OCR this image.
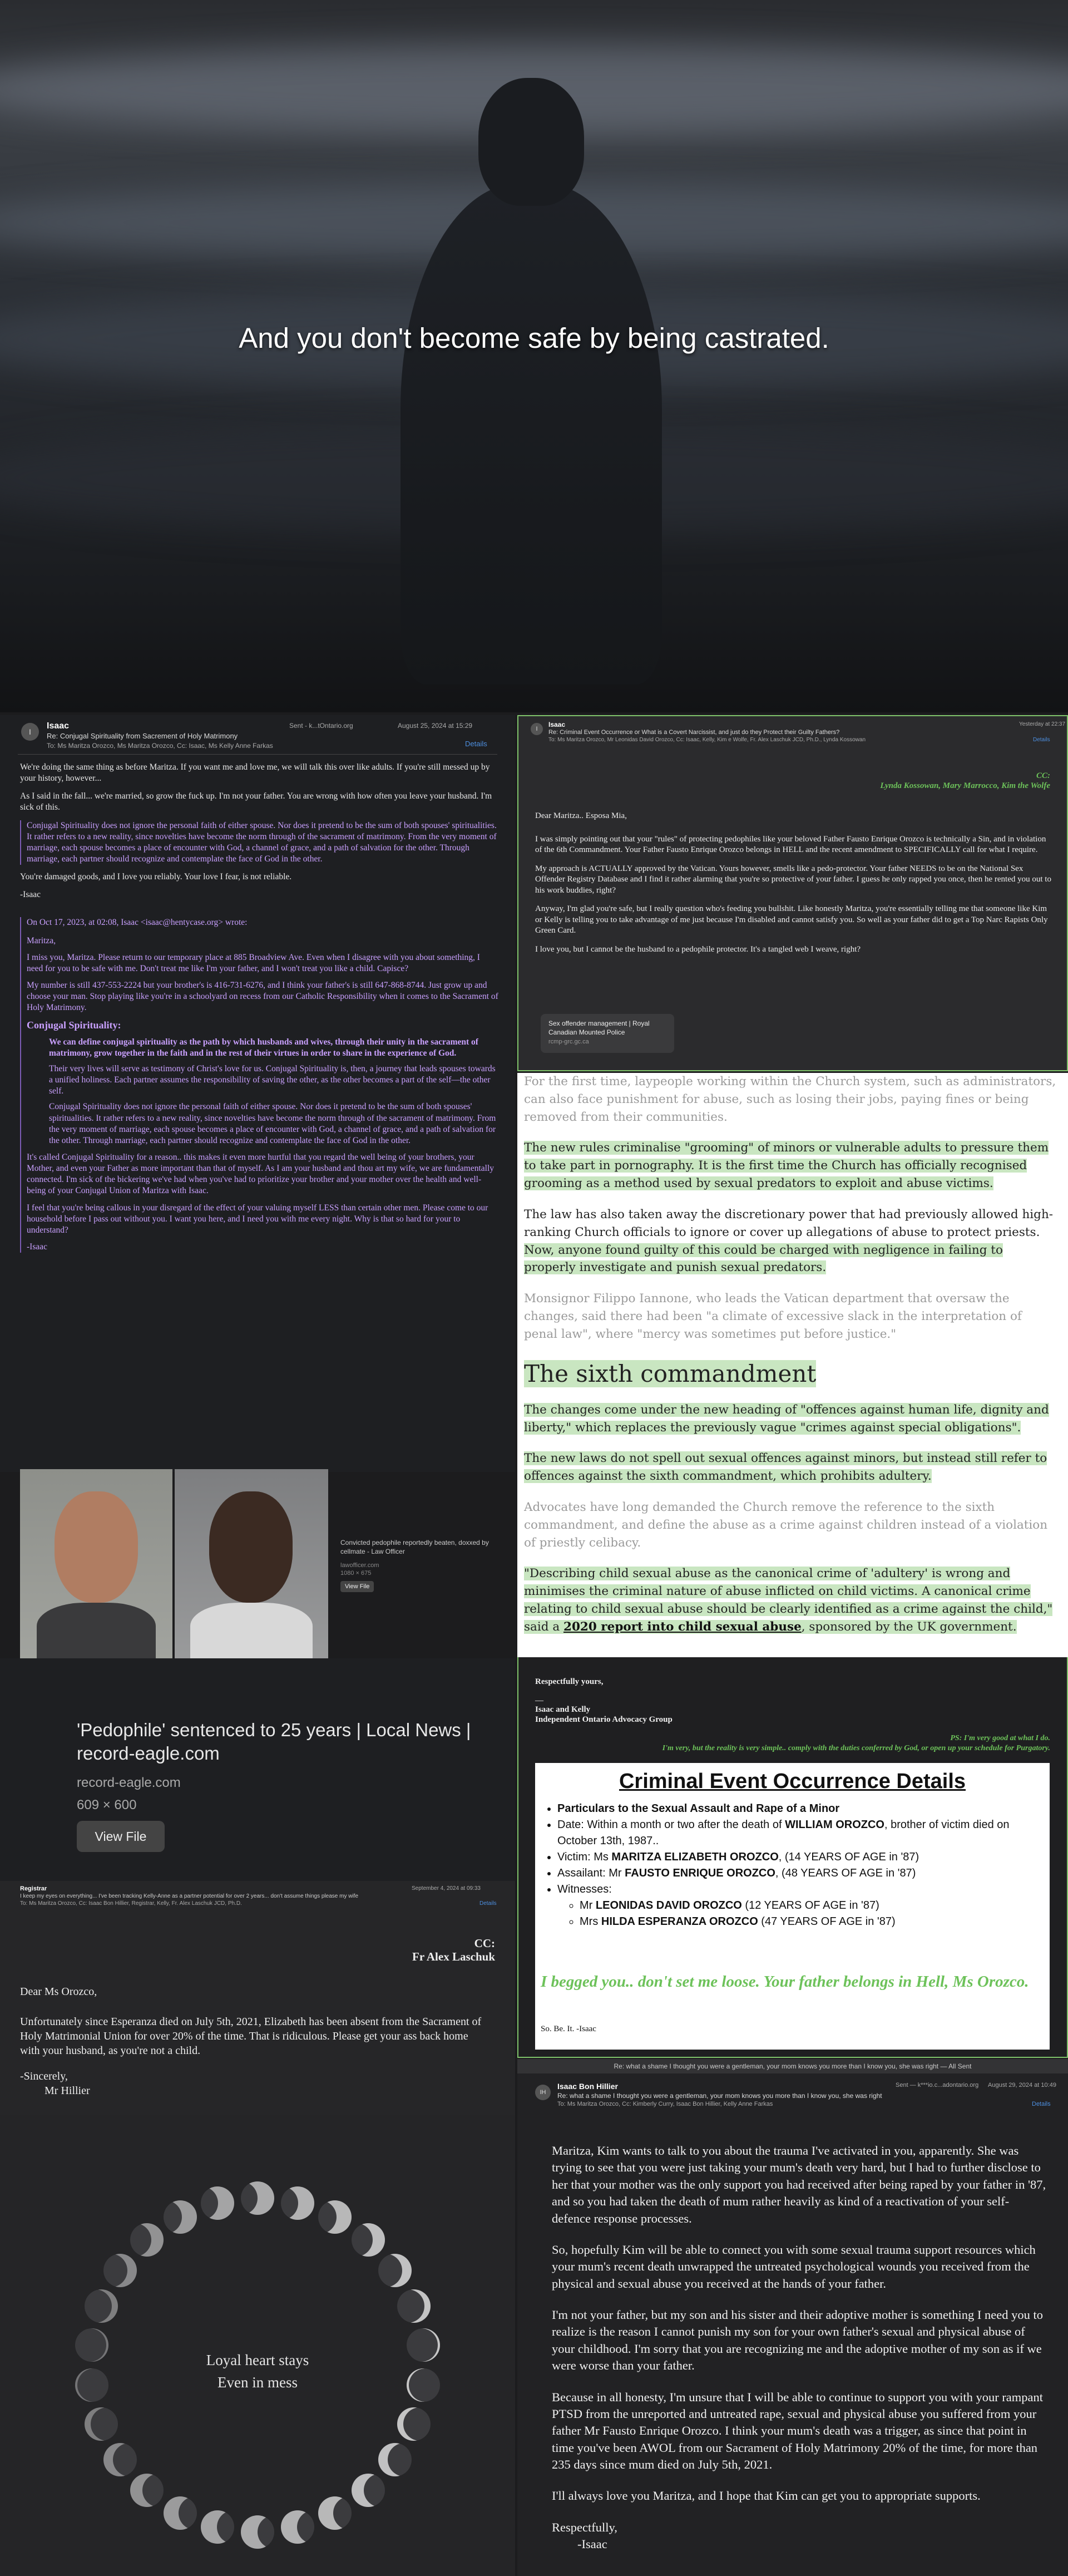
And you don't become safe by being castrated.
I
Isaac
Re: Conjugal Spirituality from Sacrement of Holy Matrimony
To: Ms Maritza Orozco, Ms Maritza Orozco, Cc: Isaac, Ms Kelly Anne Farkas
Sent - k...tOntario.org	August 25, 2024 at 15:29
Details

We're doing the same thing as before Maritza. If you want me and love me, we will talk this over like adults. If you're still messed up by your history, however...

As I said in the fall... we're married, so grow the fuck up. I'm not your father. You are wrong with how often you leave your husband. I'm sick of this.

Conjugal Spirituality does not ignore the personal faith of either spouse. Nor does it pretend to be the sum of both spouses' spiritualities. It rather refers to a new reality, since novelties have become the norm through of the sacrament of matrimony. From the very moment of marriage, each spouse becomes a place of encounter with God, a channel of grace, and a path of salvation for the other. Through marriage, each partner should recognize and contemplate the face of God in the other.

You're damaged goods, and I love you reliably. Your love I fear, is not reliable.

-Isaac

On Oct 17, 2023, at 02:08, Isaac <isaac@hentycase.org> wrote:

Maritza,

I miss you, Maritza. Please return to our temporary place at 885 Broadview Ave. Even when I disagree with you about something, I need for you to be safe with me. Don't treat me like I'm your father, and I won't treat you like a child. Capisce?

My number is still 437-553-2224 but your brother's is 416-731-6276, and I think your father's is still 647-868-8744. Just grow up and choose your man. Stop playing like you're in a schoolyard on recess from our Catholic Responsibility when it comes to the Sacrament of Holy Matrimony.

Conjugal Spirituality:

We can define conjugal spirituality as the path by which husbands and wives, through their unity in the sacrament of matrimony, grow together in the faith and in the rest of their virtues in order to share in the experience of God.

Their very lives will serve as testimony of Christ's love for us. Conjugal Spirituality is, then, a journey that leads spouses towards a unified holiness. Each partner assumes the responsibility of saving the other, as the other becomes a part of the self—the other self.

Conjugal Spirituality does not ignore the personal faith of either spouse. Nor does it pretend to be the sum of both spouses' spiritualities. It rather refers to a new reality, since novelties have become the norm through of the sacrament of matrimony. From the very moment of marriage, each spouse becomes a place of encounter with God, a channel of grace, and a path of salvation for the other. Through marriage, each partner should recognize and contemplate the face of God in the other.

It's called Conjugal Spirituality for a reason.. this makes it even more hurtful that you regard the well being of your brothers, your Mother, and even your Father as more important than that of myself. As I am your husband and thou art my wife, we are fundamentally connected. I'm sick of the bickering we've had when you've had to prioritize your brother and your mother over the health and well-being of your Conjugal Union of Maritza with Isaac.

I feel that you're being callous in your disregard of the effect of your valuing myself LESS than certain other men. Please come to our household before I pass out without you. I want you here, and I need you with me every night. Why is that so hard for your to understand?

-Isaac

Convicted pedophile reportedly beaten, doxxed by cellmate - Law Officer
lawofficer.com
1080 × 675
View File
I
Isaac
Re: Criminal Event Occurrence or What is a Covert Narcissist, and just do they Protect their Guilty Fathers?
To: Ms Maritza Orozco, Mr Leonidas David Orozco, Cc: Isaac, Kelly, Kim e Wolfe, Fr. Alex Laschuk JCD, Ph.D., Lynda Kossowan
Yesterday at 22:37
Details
CC:
Lynda Kossowan, Mary Marrocco, Kim the Wolfe

Dear Maritza.. Esposa Mia,

I was simply pointing out that your "rules" of protecting pedophiles like your beloved Father Fausto Enrique Orozco is technically a Sin, and in violation of the 6th Commandment. Your Father Fausto Enrique Orozco belongs in HELL and the recent amendment to SPECIFICALLY call for what I require.

My approach is ACTUALLY approved by the Vatican. Yours however, smells like a pedo-protector. Your father NEEDS to be on the National Sex Offender Registry Database and I find it rather alarming that you're so protective of your father. I guess he only rapped you once, then he rented you out to his work buddies, right?

Anyway, I'm glad you're safe, but I really question who's feeding you bullshit. Like honestly Maritza, you're essentially telling me that someone like Kim or Kelly is telling you to take advantage of me just because I'm disabled and cannot satisfy you. So well as your father did to get a Top Narc Rapists Only Green Card.

I love you, but I cannot be the husband to a pedophile protector. It's a tangled web I weave, right?

Sex offender management | Royal Canadian Mounted Police
rcmp-grc.gc.ca

For the first time, laypeople working within the Church system, such as administrators, can also face punishment for abuse, such as losing their jobs, paying fines or being removed from their communities.

The new rules criminalise "grooming" of minors or vulnerable adults to pressure them to take part in pornography. It is the first time the Church has officially recognised grooming as a method used by sexual predators to exploit and abuse victims.

The law has also taken away the discretionary power that had previously allowed high-ranking Church officials to ignore or cover up allegations of abuse to protect priests. Now, anyone found guilty of this could be charged with negligence in failing to properly investigate and punish sexual predators.

Monsignor Filippo Iannone, who leads the Vatican department that oversaw the changes, said there had been "a climate of excessive slack in the interpretation of penal law", where "mercy was sometimes put before justice."

The sixth commandment

The changes come under the new heading of "offences against human life, dignity and liberty," which replaces the previously vague "crimes against special obligations".

The new laws do not spell out sexual offences against minors, but instead still refer to offences against the sixth commandment, which prohibits adultery.

Advocates have long demanded the Church remove the reference to the sixth commandment, and define the abuse as a crime against children instead of a violation of priestly celibacy.

"Describing child sexual abuse as the canonical crime of 'adultery' is wrong and minimises the criminal nature of abuse inflicted on child victims. A canonical crime relating to child sexual abuse should be clearly identified as a crime against the child," said a 2020 report into child sexual abuse, sponsored by the UK government.

Respectfully yours,
—
Isaac and Kelly
Independent Ontario Advocacy Group
PS: I'm very good at what I do.
I'm very, but the reality is very simple.. comply with the duties conferred by God, or open up your schedule for Purgatory.
Criminal Event Occurrence Details
• Particulars to the Sexual Assault and Rape of a Minor
• Date: Within a month or two after the death of WILLIAM OROZCO, brother of victim died on October 13th, 1987..
• Victim: Ms MARITZA ELIZABETH OROZCO, (14 YEARS OF AGE in '87)
• Assailant: Mr FAUSTO ENRIQUE OROZCO, (48 YEARS OF AGE in '87)
• Witnesses:
◦ Mr LEONIDAS DAVID OROZCO (12 YEARS OF AGE in '87)
◦ Mrs HILDA ESPERANZA OROZCO (47 YEARS OF AGE in '87)
I begged you.. don't set me loose. Your father belongs in Hell, Ms Orozco.
So. Be. It. -Isaac
'Pedophile' sentenced to 25 years | Local News |
record-eagle.com
record-eagle.com
609 × 600
View File
Registrar
I keep my eyes on everything... I've been tracking Kelly-Anne as a partner potential for over 2 years... don't assume things please my wife
To: Ms Maritza Orozco, Cc: Isaac Bon Hillier, Registrar, Kelly, Fr. Alex Laschuk JCD, Ph.D.
September 4, 2024 at 09:33
Details
CC:
Fr Alex Laschuk
Dear Ms Orozco,
Unfortunately since Esperanza died on July 5th, 2021, Elizabeth has been absent from the Sacrament of Holy Matrimonial Union for over 20% of the time. That is ridiculous. Please get your ass back home with your husband, as you're not a child.
-Sincerely,
Mr Hillier
Loyal heart stays
Even in mess
Re: what a shame I thought you were a gentleman, your mom knows you more than I know you, she was right — All Sent
IH
Isaac Bon Hillier
Re: what a shame I thought you were a gentleman, your mom knows you more than I know you, she was right
To: Ms Maritza Orozco, Cc: Kimberly Curry, Isaac Bon Hillier, Kelly Anne Farkas
Sent — k***io.c...adontario.org August 29, 2024 at 10:49
Details

Maritza, Kim wants to talk to you about the trauma I've activated in you, apparently. She was trying to see that you were just taking your mum's death very hard, but I had to further disclose to her that your mother was the only support you had received after being raped by your father in '87, and so you had taken the death of mum rather heavily as kind of a reactivation of your self-defence response processes.

So, hopefully Kim will be able to connect you with some sexual trauma support resources which your mum's recent death unwrapped the untreated psychological wounds you received from the physical and sexual abuse you received at the hands of your father.

I'm not your father, but my son and his sister and their adoptive mother is something I need you to realize is the reason I cannot punish my son for your own father's sexual and physical abuse of your childhood. I'm sorry that you are recognizing me and the adoptive mother of my son as if we were worse than your father.

Because in all honesty, I'm unsure that I will be able to continue to support you with your rampant PTSD from the unreported and untreated rape, sexual and physical abuse you suffered from your father Mr Fausto Enrique Orozco. I think your mum's death was a trigger, as since that point in time you've been AWOL from our Sacrament of Holy Matrimony 20% of the time, for more than 235 days since mum died on July 5th, 2021.

I'll always love you Maritza, and I hope that Kim can get you to appropriate supports.

Respectfully,

-Isaac
